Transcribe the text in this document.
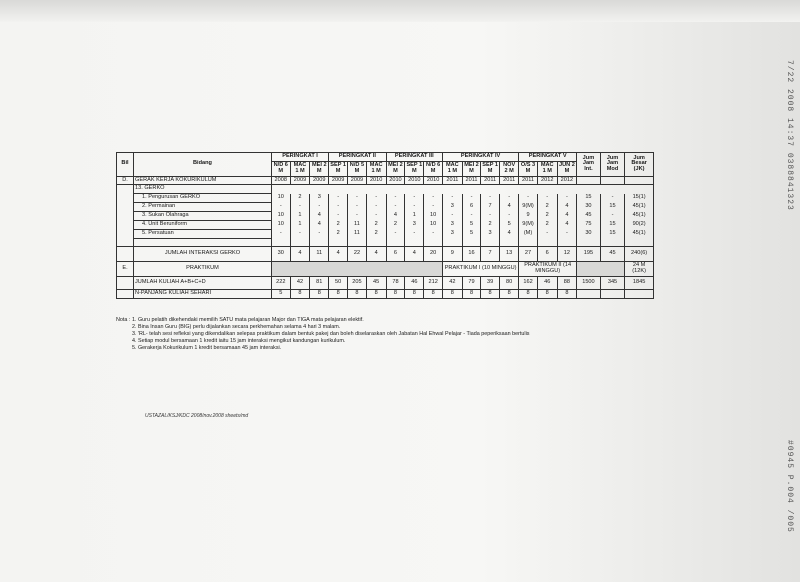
7/22 2008 14:37 0388841323
#0945 P.004 /005
Bil	Bidang	PERINGKAT I			PERINGKAT II			PERINGKAT III			PERINGKAT IV				PERINGKAT V			Jum Jam Int.	Jum Jam Mod	Jum Besar (JK)
		N/D 6 M	MAC 1 M	MEI 2 M	SEP 1 M	N/D 5 M	MAC 1 M	MEI 2 M	SEP 1 M	N/D 6 M	MAC 1 M	MEI 2 M	SEP 1 M	NOV 2 M	O/S 3 M	MAC 1 M	JUN 2 M			
D.	GERAK KERJA KOKURIKULUM	2008	2009	2009	2009	2009	2010	2010	2010	2010	2011	2011	2011	2011	2011	2012	2012			
	13. GERKO																			
	1. Pengurusan GERKO	10	2	3	-	-	-	-	-	-	-	-	-	-	-	-	-	15	-	15(1)
	2. Permainan	-	-	-	-	-	-	-	-	-	3	6	7	4	9(M)	2	4	30	15	45(1)
	3. Sukan Olahraga	10	1	4	-	-	-	4	1	10	-	-	-	-	9	2	4	45	-	45(1)
	4. Unit Beruniform	10	1	4	2	11	2	2	3	10	3	5	2	5	9(M)	2	4	75	15	90(2)
	5. Persatuan	-	-	-	2	11	2	-	-	-	3	5	3	4	(M)	-	-	30	15	45(1)

	JUMLAH INTERAKSI GERKO	30	4	11	4	22	4	6	4	20	9	16	7	13	27	6	12	195	45	240(6)
E.	PRAKTIKUM										PRAKTIKUM I (10 MINGGU)				PRAKTIKUM II (14 MINGGU)					24 M (12K)
	JUMLAH KULIAH A+B+C+D	222	42	81	50	205	45	78	46	212	42	79	39	80	162	46	88	1500	345	1845
	N-PANJANG KULIAH SEHARI	5	8	8	8	8	8	8	8	8	8	8	8	8	8	8	8			
Nota : 1. Guru pelatih dikehendaki memilih SATU mata pelajaran Major dan TIGA mata pelajaran elektif.
2. Bina Insan Guru (BIG) perlu dijalankan secara perkhemahan selama 4 hari 3 malam.
3. 'RL- telah sesi refleksi yang dikendalikan selepas praktikum dalam bentuk pakej dan boleh diselaraskan oleh Jabatan Hal Ehwal Pelajar - Tiada peperiksaan bertulis
4. Setiap modul bersamaan 1 kredit iaitu 15 jam interaksi mengikut kandungan kurikulum.
5. Gerakerja Kokurikulum 1 kredit bersamaan 45 jam interaksi.
USTAZAL/KSJ/KDC 2008/nov.2008 sheets/md
